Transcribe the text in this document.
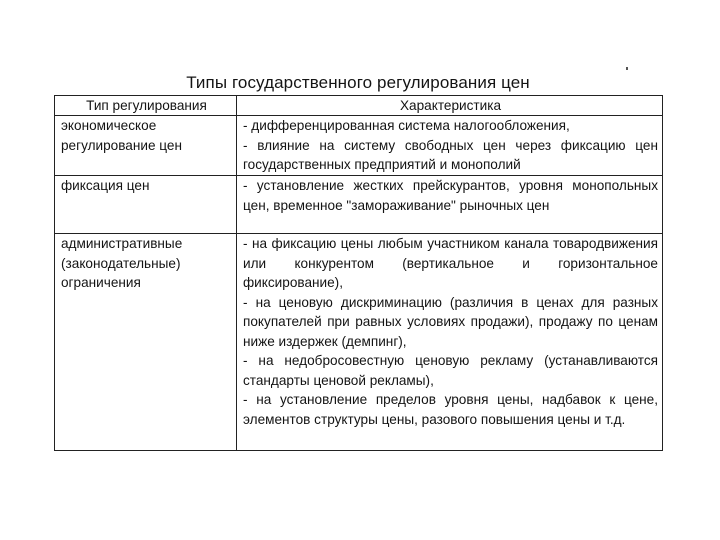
Типы государственного регулирования цен
Тип регулирования	Характеристика

экономическое регулирование цен	- дифференцированная система налогообложения,
- влияние на систему свободных цен через фиксацию цен государственных предприятий и монополий

фиксация цен	- установление жестких прейскурантов, уровня монопольных цен, временное "замораживание" рыночных цен

административные (законодательные) ограничения	- на фиксацию цены любым участником канала товародвижения или конкурентом (вертикальное и горизонтальное фиксирование),
- на ценовую дискриминацию (различия в ценах для разных покупателей при равных условиях продажи), продажу по ценам ниже издержек (демпинг),
- на недобросовестную ценовую рекламу (устанавливаются стандарты ценовой рекламы),
- на установление пределов уровня цены, надбавок к цене, элементов структуры цены, разового повышения цены и т.д.
